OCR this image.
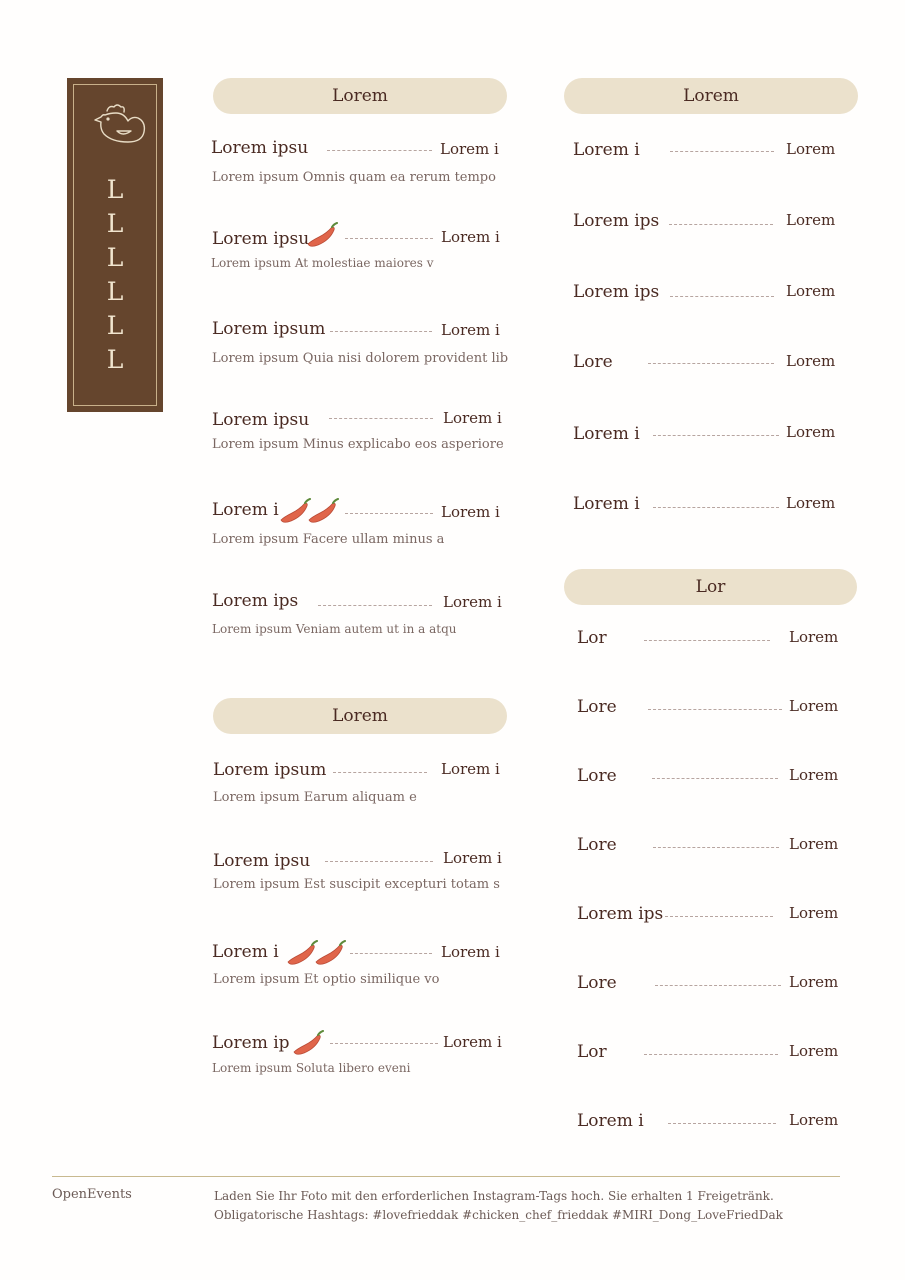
L
L
L
L
L
L
Lorem
Lorem ipsu	Lorem i
Lorem ipsum Omnis quam ea rerum tempo
Lorem ipsu	Lorem i
Lorem ipsum At molestiae maiores v
Lorem ipsum	Lorem i
Lorem ipsum Quia nisi dolorem provident lib
Lorem ipsu	Lorem i
Lorem ipsum Minus explicabo eos asperiore
Lorem i	Lorem i
Lorem ipsum Facere ullam minus a
Lorem ips	Lorem i
Lorem ipsum Veniam autem ut in a atqu
Lorem
Lorem ipsum	Lorem i
Lorem ipsum Earum aliquam e
Lorem ipsu	Lorem i
Lorem ipsum Est suscipit excepturi totam s
Lorem i	Lorem i
Lorem ipsum Et optio similique vo
Lorem ip	Lorem i
Lorem ipsum Soluta libero eveni
Lorem
Lorem i	Lorem
Lorem ips	Lorem
Lorem ips	Lorem
Lore	Lorem
Lorem i	Lorem
Lorem i	Lorem
Lor
Lor	Lorem
Lore	Lorem
Lore	Lorem
Lore	Lorem
Lorem ips	Lorem
Lore	Lorem
Lor	Lorem
Lorem i	Lorem
OpenEvents	Laden Sie Ihr Foto mit den erforderlichen Instagram-Tags hoch. Sie erhalten 1 Freigetränk.
Obligatorische Hashtags: #lovefrieddak #chicken_chef_frieddak #MIRI_Dong_LoveFriedDak
